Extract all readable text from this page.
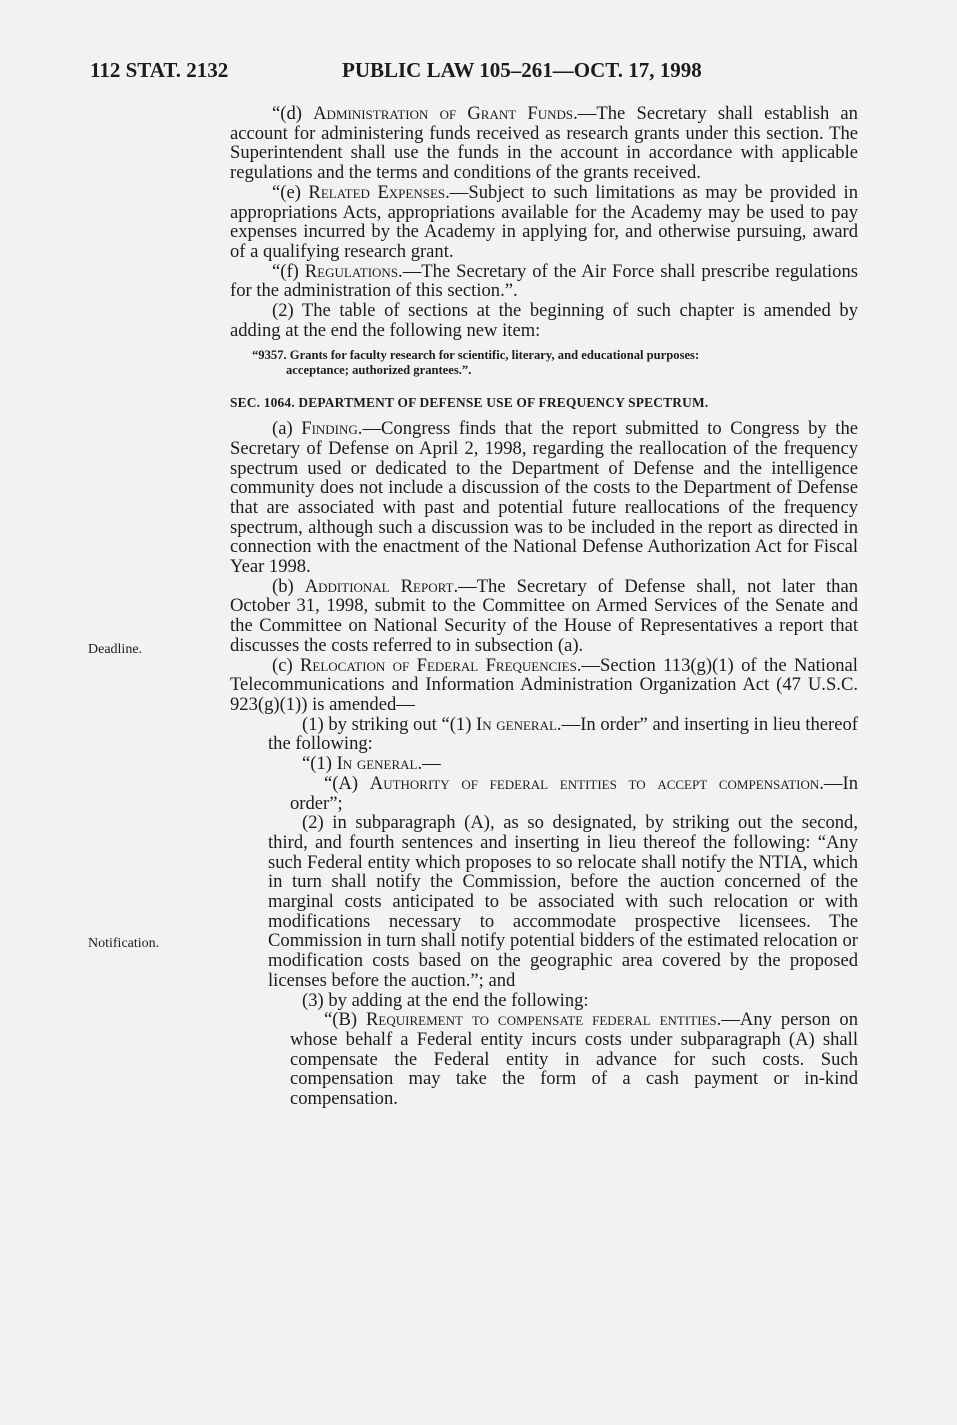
112 STAT. 2132	PUBLIC LAW 105–261—OCT. 17, 1998
Deadline.
Notification.

“(d) Administration of Grant Funds.—The Secretary shall establish an account for administering funds received as research grants under this section. The Superintendent shall use the funds in the account in accordance with applicable regulations and the terms and conditions of the grants received.

“(e) Related Expenses.—Subject to such limitations as may be provided in appropriations Acts, appropriations available for the Academy may be used to pay expenses incurred by the Academy in applying for, and otherwise pursuing, award of a qualifying research grant.

“(f) Regulations.—The Secretary of the Air Force shall prescribe regulations for the administration of this section.”.

(2) The table of sections at the beginning of such chapter is amended by adding at the end the following new item:

“9357. Grants for faculty research for scientific, literary, and educational purposes:
acceptance; authorized grantees.”.
SEC. 1064. DEPARTMENT OF DEFENSE USE OF FREQUENCY SPECTRUM.

(a) Finding.—Congress finds that the report submitted to Congress by the Secretary of Defense on April 2, 1998, regarding the reallocation of the frequency spectrum used or dedicated to the Department of Defense and the intelligence community does not include a discussion of the costs to the Department of Defense that are associated with past and potential future reallocations of the frequency spectrum, although such a discussion was to be included in the report as directed in connection with the enactment of the National Defense Authorization Act for Fiscal Year 1998.

(b) Additional Report.—The Secretary of Defense shall, not later than October 31, 1998, submit to the Committee on Armed Services of the Senate and the Committee on National Security of the House of Representatives a report that discusses the costs referred to in subsection (a).

(c) Relocation of Federal Frequencies.—Section 113(g)(1) of the National Telecommunications and Information Administration Organization Act (47 U.S.C. 923(g)(1)) is amended—

(1) by striking out “(1) In general.—In order” and inserting in lieu thereof the following:

“(1) In general.—

“(A) Authority of federal entities to accept compensation.—In order”;

(2) in subparagraph (A), as so designated, by striking out the second, third, and fourth sentences and inserting in lieu thereof the following: “Any such Federal entity which proposes to so relocate shall notify the NTIA, which in turn shall notify the Commission, before the auction concerned of the marginal costs anticipated to be associated with such relocation or with modifications necessary to accommodate prospective licensees. The Commission in turn shall notify potential bidders of the estimated relocation or modification costs based on the geographic area covered by the proposed licenses before the auction.”; and

(3) by adding at the end the following:

“(B) Requirement to compensate federal entities.—Any person on whose behalf a Federal entity incurs costs under subparagraph (A) shall compensate the Federal entity in advance for such costs. Such compensation may take the form of a cash payment or in-kind compensation.
